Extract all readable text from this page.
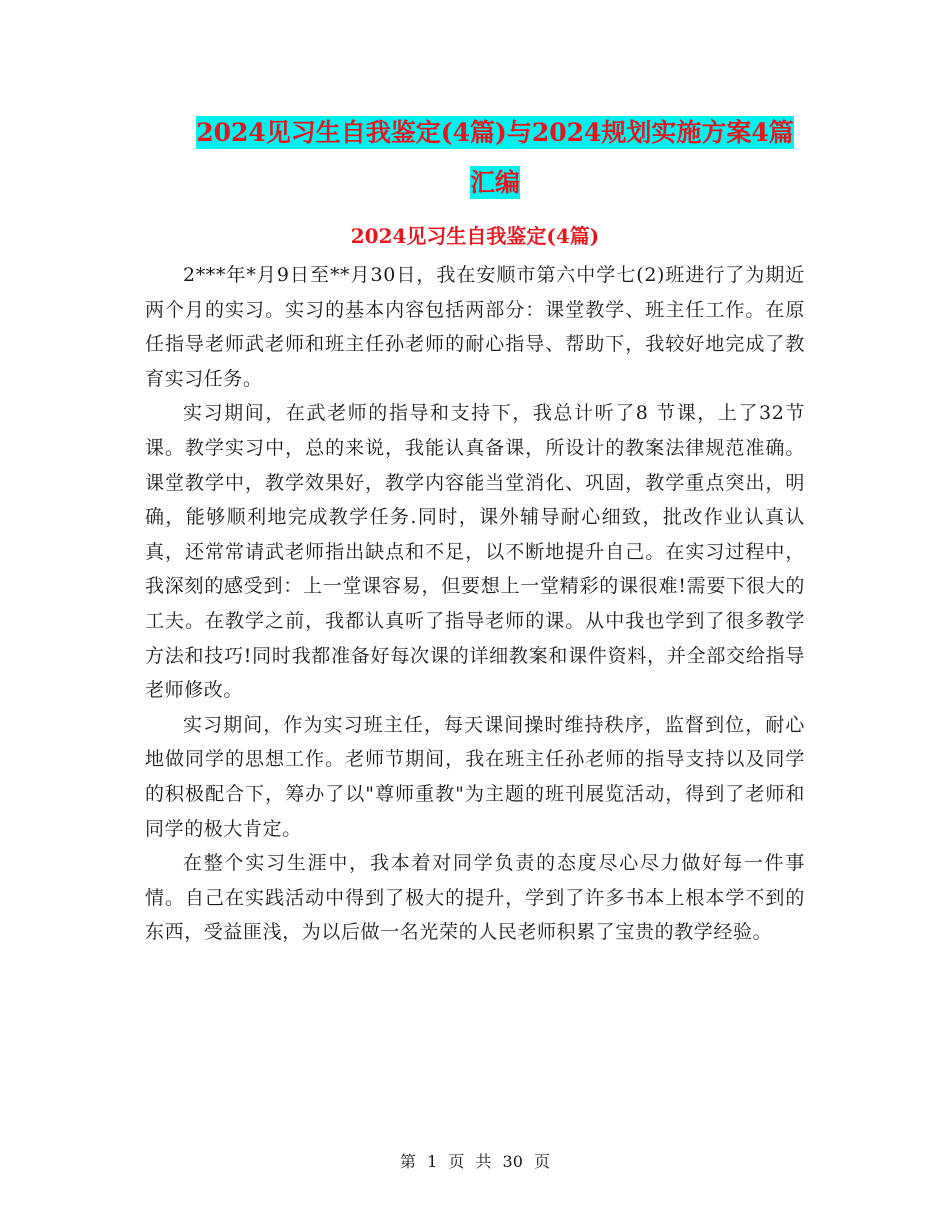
2024见习生自我鉴定(4篇)与2024规划实施方案4篇
汇编
2024见习生自我鉴定(4篇)

2***年*月9日至**月30日，我在安顺市第六中学七(2)班进行了为期近两个月的实习。实习的基本内容包括两部分：课堂教学、班主任工作。在原任指导老师武老师和班主任孙老师的耐心指导、帮助下，我较好地完成了教育实习任务。

实习期间，在武老师的指导和支持下，我总计听了8 节课，上了32节课。教学实习中，总的来说，我能认真备课，所设计的教案法律规范准确。课堂教学中，教学效果好，教学内容能当堂消化、巩固，教学重点突出，明确，能够顺利地完成教学任务.同时，课外辅导耐心细致，批改作业认真认真，还常常请武老师指出缺点和不足，以不断地提升自己。在实习过程中，我深刻的感受到：上一堂课容易，但要想上一堂精彩的课很难!需要下很大的工夫。在教学之前，我都认真听了指导老师的课。从中我也学到了很多教学方法和技巧!同时我都准备好每次课的详细教案和课件资料，并全部交给指导老师修改。

实习期间，作为实习班主任，每天课间操时维持秩序，监督到位，耐心地做同学的思想工作。老师节期间，我在班主任孙老师的指导支持以及同学的积极配合下，筹办了以"尊师重教"为主题的班刊展览活动，得到了老师和同学的极大肯定。

在整个实习生涯中，我本着对同学负责的态度尽心尽力做好每一件事情。自己在实践活动中得到了极大的提升，学到了许多书本上根本学不到的东西，受益匪浅，为以后做一名光荣的人民老师积累了宝贵的教学经验。

第 1 页 共 30 页
